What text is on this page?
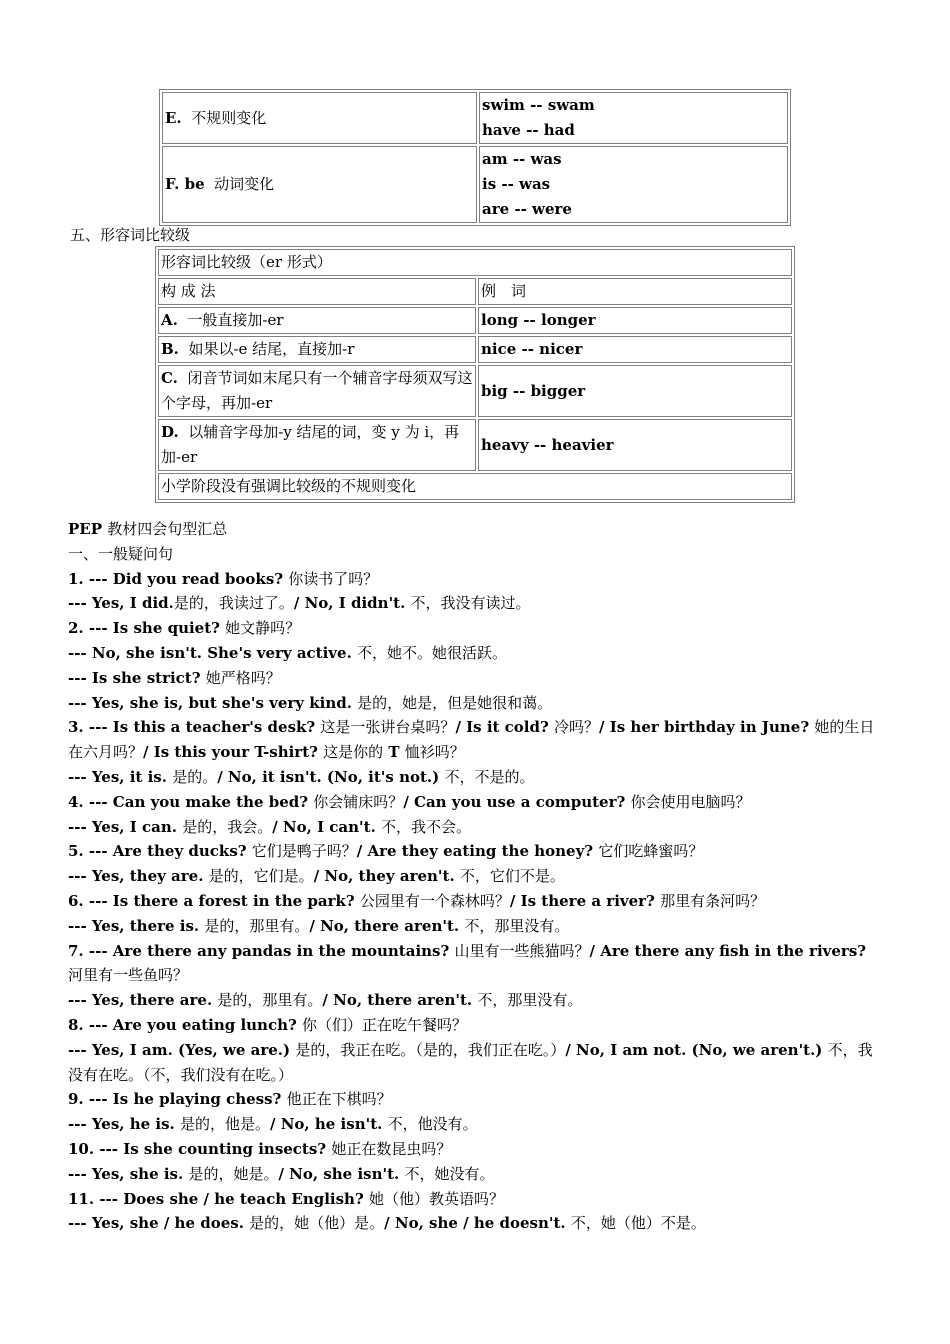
E. 不规则变化	swim -- swam
have -- had
F. be 动词变化	am -- was
is -- was
are -- were
五、形容词比较级
形容词比较级（er 形式）	
构 成 法	例　词
A. 一般直接加-er	long -- longer
B. 如果以-e 结尾，直接加-r	nice -- nicer
C. 闭音节词如末尾只有一个辅音字母须双写这个字母，再加-er	big -- bigger
D. 以辅音字母加-y 结尾的词，变 y 为 i，再加-er	heavy -- heavier
小学阶段没有强调比较级的不规则变化	

PEP 教材四会句型汇总

一、一般疑问句

1. --- Did you read books? 你读书了吗？

--- Yes, I did.是的，我读过了。/ No, I didn't. 不，我没有读过。

2. --- Is she quiet? 她文静吗？

--- No, she isn't. She's very active. 不，她不。她很活跃。

--- Is she strict? 她严格吗？

--- Yes, she is, but she's very kind. 是的，她是，但是她很和蔼。

3. --- Is this a teacher's desk? 这是一张讲台桌吗？/ Is it cold? 冷吗？/ Is her birthday in June? 她的生日在六月吗？/ Is this your T-shirt? 这是你的 T 恤衫吗？

--- Yes, it is. 是的。/ No, it isn't. (No, it's not.) 不，不是的。

4. --- Can you make the bed? 你会铺床吗？/ Can you use a computer? 你会使用电脑吗？

--- Yes, I can. 是的，我会。/ No, I can't. 不，我不会。

5. --- Are they ducks? 它们是鸭子吗？/ Are they eating the honey? 它们吃蜂蜜吗？

--- Yes, they are. 是的，它们是。/ No, they aren't. 不，它们不是。

6. --- Is there a forest in the park? 公园里有一个森林吗？/ Is there a river? 那里有条河吗？

--- Yes, there is. 是的，那里有。/ No, there aren't. 不，那里没有。

7. --- Are there any pandas in the mountains? 山里有一些熊猫吗？/ Are there any fish in the rivers? 河里有一些鱼吗？

--- Yes, there are. 是的，那里有。/ No, there aren't. 不，那里没有。

8. --- Are you eating lunch? 你（们）正在吃午餐吗？

--- Yes, I am. (Yes, we are.) 是的，我正在吃。（是的，我们正在吃。）/ No, I am not. (No, we aren't.) 不，我没有在吃。（不，我们没有在吃。）

9. --- Is he playing chess? 他正在下棋吗？

--- Yes, he is. 是的，他是。/ No, he isn't. 不，他没有。

10. --- Is she counting insects? 她正在数昆虫吗？

--- Yes, she is. 是的，她是。/ No, she isn't. 不，她没有。

11. --- Does she / he teach English? 她（他）教英语吗？

--- Yes, she / he does. 是的，她（他）是。/ No, she / he doesn't. 不，她（他）不是。
